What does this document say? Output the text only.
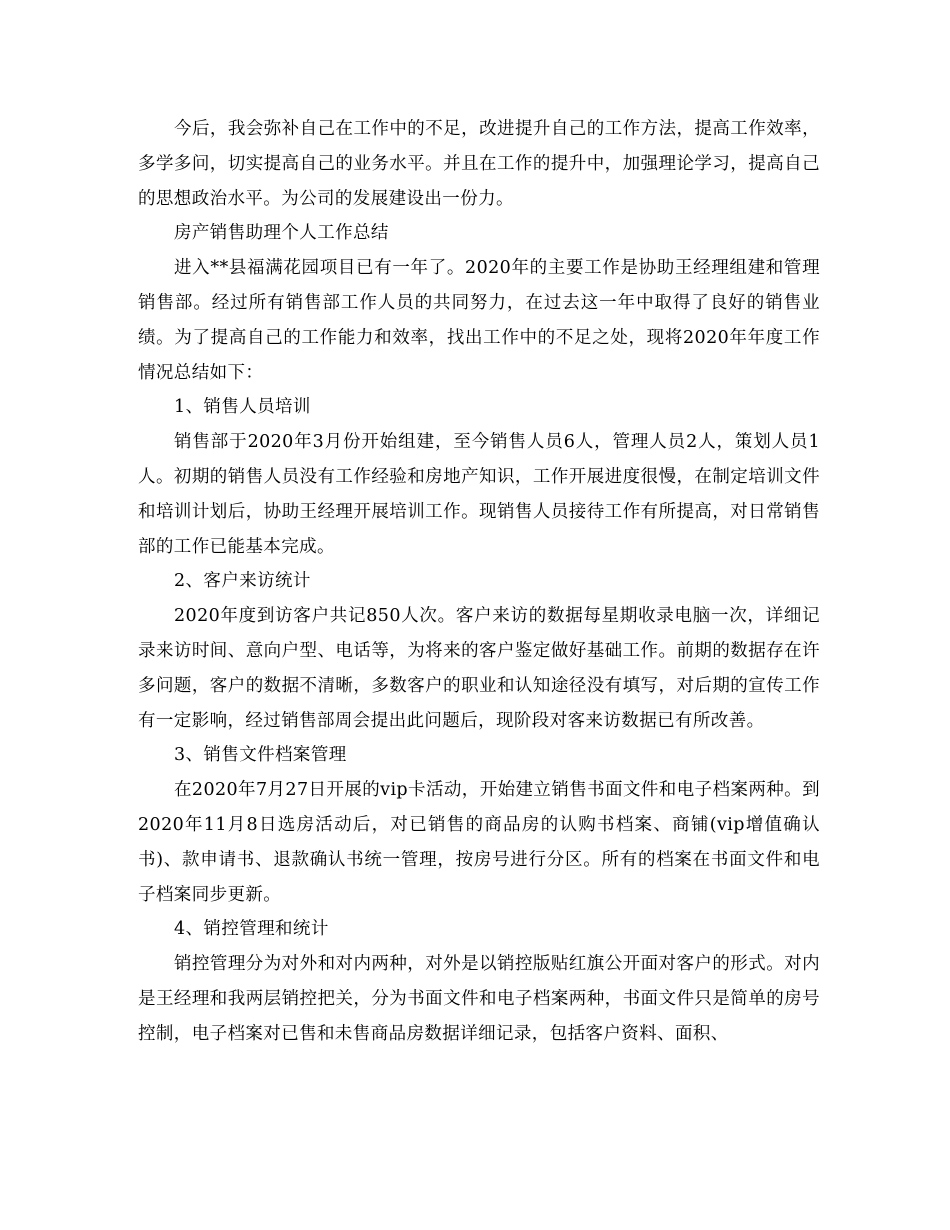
今后，我会弥补自己在工作中的不足，改进提升自己的工作方法，提高工作效率，多学多问，切实提高自己的业务水平。并且在工作的提升中，加强理论学习，提高自己的思想政治水平。为公司的发展建设出一份力。

房产销售助理个人工作总结

进入**县福满花园项目已有一年了。2020年的主要工作是协助王经理组建和管理销售部。经过所有销售部工作人员的共同努力，在过去这一年中取得了良好的销售业绩。为了提高自己的工作能力和效率，找出工作中的不足之处，现将2020年年度工作情况总结如下：

1、销售人员培训

销售部于2020年3月份开始组建，至今销售人员6人，管理人员2人，策划人员1人。初期的销售人员没有工作经验和房地产知识，工作开展进度很慢，在制定培训文件和培训计划后，协助王经理开展培训工作。现销售人员接待工作有所提高，对日常销售部的工作已能基本完成。

2、客户来访统计

2020年度到访客户共记850人次。客户来访的数据每星期收录电脑一次，详细记录来访时间、意向户型、电话等，为将来的客户鉴定做好基础工作。前期的数据存在许多问题，客户的数据不清晰，多数客户的职业和认知途径没有填写，对后期的宣传工作有一定影响，经过销售部周会提出此问题后，现阶段对客来访数据已有所改善。

3、销售文件档案管理

在2020年7月27日开展的vip卡活动，开始建立销售书面文件和电子档案两种。到2020年11月8日选房活动后，对已销售的商品房的认购书档案、商铺(vip增值确认书)、款申请书、退款确认书统一管理，按房号进行分区。所有的档案在书面文件和电子档案同步更新。

4、销控管理和统计

销控管理分为对外和对内两种，对外是以销控版贴红旗公开面对客户的形式。对内是王经理和我两层销控把关，分为书面文件和电子档案两种，书面文件只是简单的房号控制，电子档案对已售和未售商品房数据详细记录，包括客户资料、面积、
